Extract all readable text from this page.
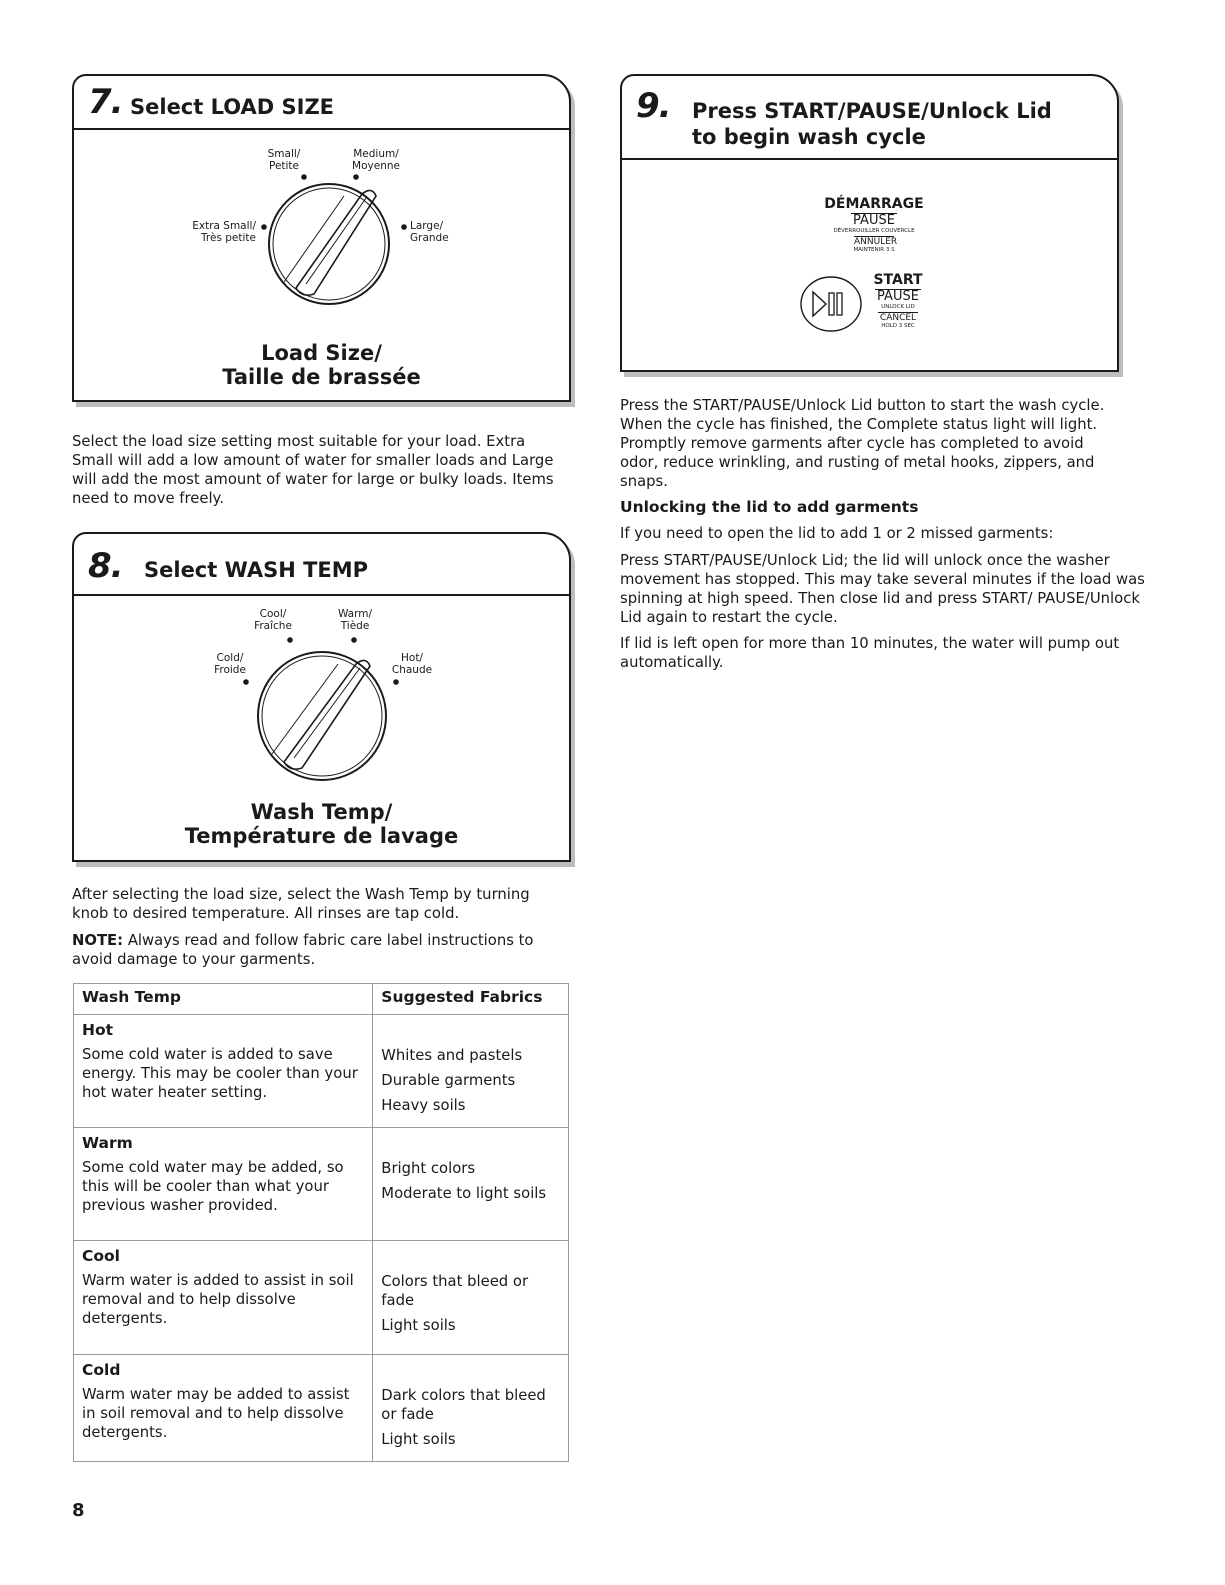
7. Select LOAD SIZE
Small/
Petite
Medium/
Moyenne
Extra Small/
Très petite
Large/
Grande
Load Size/
Taille de brassée
Select the load size setting most suitable for your load. Extra Small will add a low amount of water for smaller loads and Large will add the most amount of water for large or bulky loads. Items need to move freely.
8. Select WASH TEMP
Cool/
Fraîche
Warm/
Tiède
Cold/
Froide
Hot/
Chaude
Wash Temp/
Température de lavage
After selecting the load size, select the Wash Temp by turning knob to desired temperature. All rinses are tap cold.
NOTE: Always read and follow fabric care label instructions to avoid damage to your garments.
Wash Temp	Suggested Fabrics

Hot
Some cold water is added to save energy. This may be cooler than your hot water heater setting.	Whites and pastels
Durable garments
Heavy soils

Warm
Some cold water may be added, so this will be cooler than what your previous washer provided.	Bright colors
Moderate to light soils

Cool
Warm water is added to assist in soil removal and to help dissolve detergents.	Colors that bleed or fade
Light soils

Cold
Warm water may be added to assist in soil removal and to help dissolve detergents.	Dark colors that bleed or fade
Light soils
9. Press START/PAUSE/Unlock Lid
to begin wash cycle
DÉMARRAGE
PAUSE
DÉVERROUILLER COUVERCLE
ANNULER
MAINTENIR 3 S
START
PAUSE
UNLOCK LID
CANCEL
HOLD 3 SEC
Press the START/PAUSE/Unlock Lid button to start the wash cycle. When the cycle has finished, the Complete status light will light. Promptly remove garments after cycle has completed to avoid odor, reduce wrinkling, and rusting of metal hooks, zippers, and snaps.
Unlocking the lid to add garments
If you need to open the lid to add 1 or 2 missed garments:
Press START/PAUSE/Unlock Lid; the lid will unlock once the washer movement has stopped. This may take several minutes if the load was spinning at high speed. Then close lid and press START/ PAUSE/Unlock Lid again to restart the cycle.
If lid is left open for more than 10 minutes, the water will pump out automatically.
8
